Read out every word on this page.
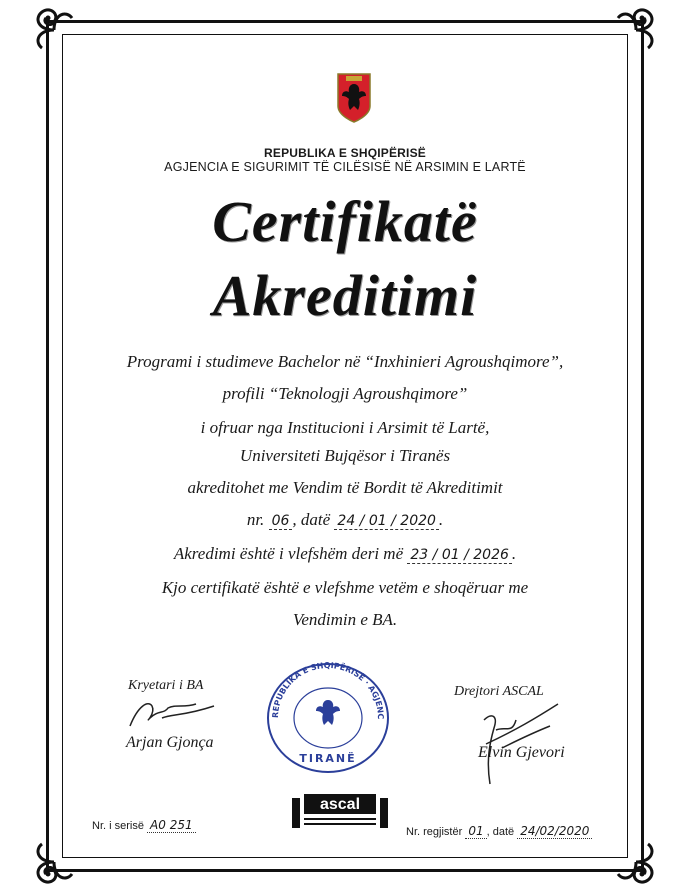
REPUBLIKA E SHQIPËRISË
AGJENCIA E SIGURIMIT TË CILËSISË NË ARSIMIN E LARTË
Certifikatë
Akreditimi
Programi i studimeve Bachelor në “Inxhinieri Agroushqimore”,
profili “Teknologji Agroushqimore”
i ofruar nga Institucioni i Arsimit të Lartë,
Universiteti Bujqësor i Tiranës
akreditohet me Vendim të Bordit të Akreditimit
nr. 06 , datë 24 / 01 / 2020 .
Akredimi është i vlefshëm deri më 23 / 01 / 2026 .
Kjo certifikatë është e vlefshme vetëm e shoqëruar me
Vendimin e BA.
Kryetari i BA
Arjan Gjonça
Drejtori ASCAL
Elvin Gjevori
REPUBLIKA E SHQIPËRISË · AGJENC
TIRANË
ascal
Nr. i serisë A0 251	Nr. regjistër 01 , datë 24/02/2020
